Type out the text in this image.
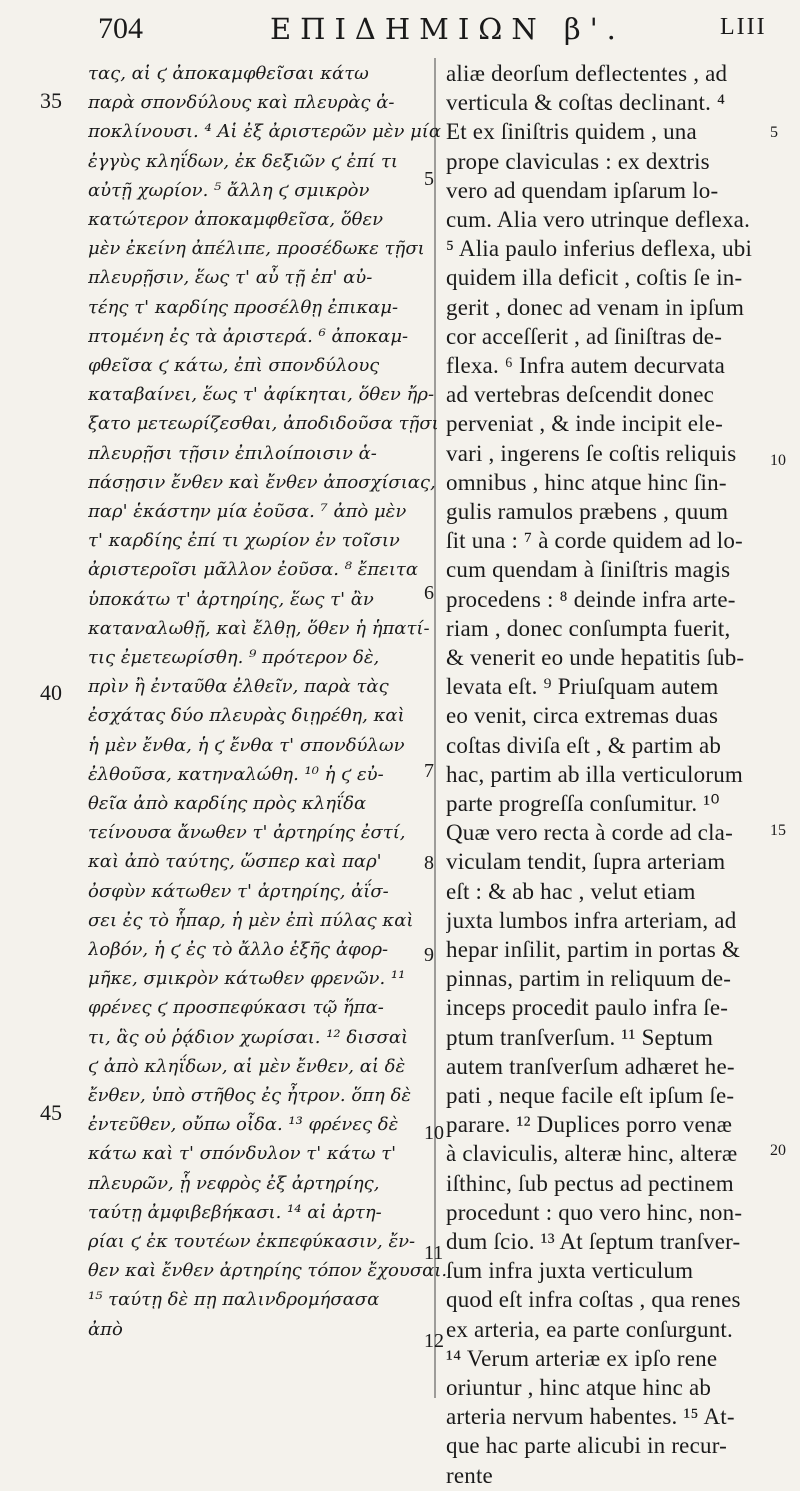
704	ΕΠΙΔΗΜΙΩΝ β'.	LIII
τας, αἱ ϛ ἀποκαμφθεῖσαι κάτω
παρὰ σπονδύλους καὶ πλευρὰς ἀ-
ποκλίνουσι. ⁴ Αἱ ἐξ ἀριστερῶν μὲν μία
ἐγγὺς κληΐδων, ἐκ δεξιῶν ϛ ἐπί τι
αὐτῇ χωρίον. ⁵ ἄλλη ϛ σμικρὸν
κατώτερον ἀποκαμφθεῖσα, ὅθεν
μὲν ἐκείνη ἀπέλιπε, προσέδωκε τῇσι
πλευρῇσιν, ἕως τ' αὖ τῇ ἐπ' αὐ-
τέης τ' καρδίης προσέλθῃ ἐπικαμ-
πτομένη ἐς τὰ ἀριστερά. ⁶ ἀποκαμ-
φθεῖσα ϛ κάτω, ἐπὶ σπονδύλους
καταβαίνει, ἕως τ' ἀφίκηται, ὅθεν ἤρ-
ξατο μετεωρίζεσθαι, ἀποδιδοῦσα τῇσι
πλευρῇσι τῇσιν ἐπιλοίποισιν ἁ-
πάσῃσιν ἔνθεν καὶ ἔνθεν ἀποσχίσιας,
παρ' ἑκάστην μία ἐοῦσα. ⁷ ἀπὸ μὲν
τ' καρδίης ἐπί τι χωρίον ἐν τοῖσιν
ἀριστεροῖσι μᾶλλον ἐοῦσα. ⁸ ἔπειτα
ὑποκάτω τ' ἀρτηρίης, ἕως τ' ἂν
καταναλωθῇ, καὶ ἔλθῃ, ὅθεν ἡ ἡπατί-
τις ἐμετεωρίσθη. ⁹ πρότερον δὲ,
πρὶν ἢ ἐνταῦθα ἐλθεῖν, παρὰ τὰς
ἐσχάτας δύο πλευρὰς διῃρέθη, καὶ
ἡ μὲν ἔνθα, ἡ ϛ ἔνθα τ' σπονδύλων
ἐλθοῦσα, κατηναλώθη. ¹⁰ ἡ ϛ εὐ-
θεῖα ἀπὸ καρδίης πρὸς κληΐδα
τείνουσα ἄνωθεν τ' ἀρτηρίης ἐστί,
καὶ ἀπὸ ταύτης, ὥσπερ καὶ παρ'
ὀσφὺν κάτωθεν τ' ἀρτηρίης, ἀΐσ-
σει ἐς τὸ ἧπαρ, ἡ μὲν ἐπὶ πύλας καὶ
λοβόν, ἡ ϛ ἐς τὸ ἄλλο ἑξῆς ἀφορ-
μῆκε, σμικρὸν κάτωθεν φρενῶν. ¹¹
φρένες ϛ προσπεφύκασι τῷ ἥπα-
τι, ἃς οὐ ῥᾴδιον χωρίσαι. ¹² δισσαὶ
ϛ ἀπὸ κληΐδων, αἱ μὲν ἔνθεν, αἱ δὲ
ἔνθεν, ὑπὸ στῆθος ἐς ἦτρον. ὅπη δὲ
ἐντεῦθεν, οὔπω οἶδα. ¹³ φρένες δὲ
κάτω καὶ τ' σπόνδυλον τ' κάτω τ'
πλευρῶν, ᾗ νεφρὸς ἐξ ἀρτηρίης,
ταύτῃ ἀμφιβεβήκασι. ¹⁴ αἱ ἀρτη-
ρίαι ϛ ἐκ τουτέων ἐκπεφύκασιν, ἔν-
θεν καὶ ἔνθεν ἀρτηρίης τόπον ἔχουσαι.
¹⁵ ταύτῃ δὲ πῃ παλινδρομήσασα
ἀπὸ
aliæ deorſum deflectentes , ad
verticula & coſtas declinant. ⁴
Et ex ſiniſtris quidem , una
prope claviculas : ex dextris
vero ad quendam ipſarum lo-
cum. Alia vero utrinque deflexa.
⁵ Alia paulo inferius deflexa, ubi
quidem illa deficit , coſtis ſe in-
gerit , donec ad venam in ipſum
cor acceſſerit , ad ſiniſtras de-
flexa. ⁶ Infra autem decurvata
ad vertebras deſcendit donec
perveniat , & inde incipit ele-
vari , ingerens ſe coſtis reliquis
omnibus , hinc atque hinc ſin-
gulis ramulos præbens , quum
ſit una : ⁷ à corde quidem ad lo-
cum quendam à ſiniſtris magis
procedens : ⁸ deinde infra arte-
riam , donec conſumpta fuerit,
& venerit eo unde hepatitis ſub-
levata eſt. ⁹ Priuſquam autem
eo venit, circa extremas duas
coſtas diviſa eſt , & partim ab
hac, partim ab illa verticulorum
parte progreſſa conſumitur. ¹⁰
Quæ vero recta à corde ad cla-
viculam tendit, ſupra arteriam
eſt : & ab hac , velut etiam
juxta lumbos infra arteriam, ad
hepar inſilit, partim in portas &
pinnas, partim in reliquum de-
inceps procedit paulo infra ſe-
ptum tranſverſum. ¹¹ Septum
autem tranſverſum adhæret he-
pati , neque facile eſt ipſum ſe-
parare. ¹² Duplices porro venæ
à claviculis, alteræ hinc, alteræ
iſthinc, ſub pectus ad pectinem
procedunt : quo vero hinc, non-
dum ſcio. ¹³ At ſeptum tranſver-
ſum infra juxta verticulum
quod eſt infra coſtas , qua renes
ex arteria, ea parte conſurgunt.
¹⁴ Verum arteriæ ex ipſo rene
oriuntur , hinc atque hinc ab
arteria nervum habentes. ¹⁵ At-
que hac parte alicubi in recur-
rente
35
40
45
5
6
7
8
9
10
11
12
5
10
15
20
